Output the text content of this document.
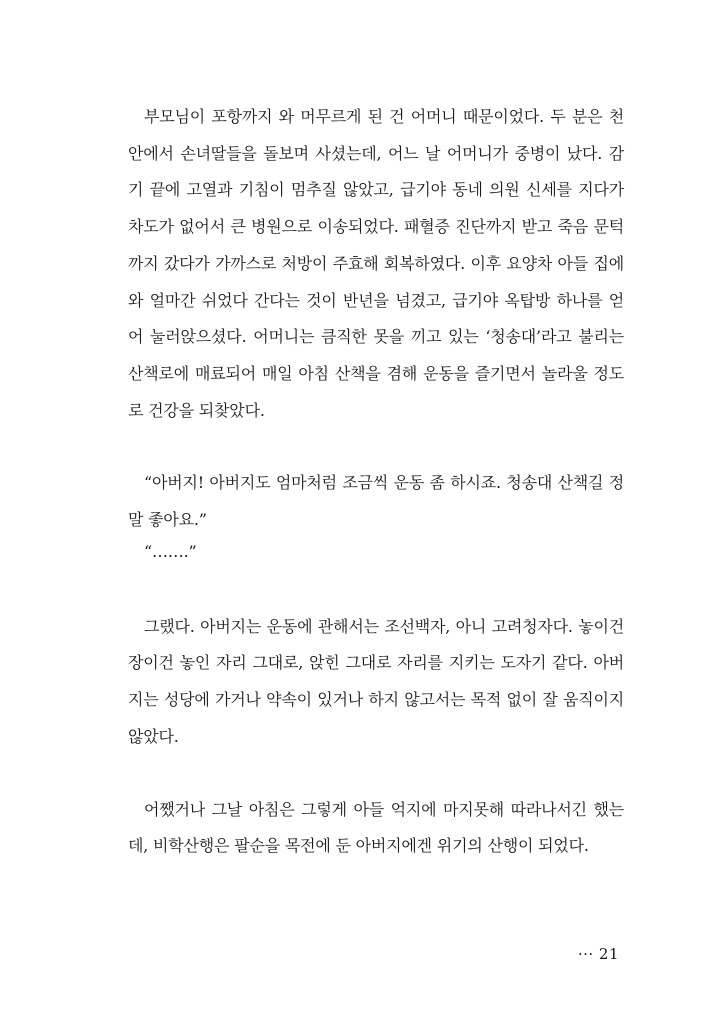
부모님이 포항까지 와 머무르게 된 건 어머니 때문이었다. 두 분은 천안에서 손녀딸들을 돌보며 사셨는데, 어느 날 어머니가 중병이 났다. 감기 끝에 고열과 기침이 멈추질 않았고, 급기야 동네 의원 신세를 지다가 차도가 없어서 큰 병원으로 이송되었다. 패혈증 진단까지 받고 죽음 문턱까지 갔다가 가까스로 처방이 주효해 회복하였다. 이후 요양차 아들 집에 와 얼마간 쉬었다 간다는 것이 반년을 넘겼고, 급기야 옥탑방 하나를 얻어 눌러앉으셨다. 어머니는 큼직한 못을 끼고 있는 ‘청송대’라고 불리는 산책로에 매료되어 매일 아침 산책을 겸해 운동을 즐기면서 놀라울 정도로 건강을 되찾았다.

“아버지! 아버지도 엄마처럼 조금씩 운동 좀 하시죠. 청송대 산책길 정말 좋아요.”

“…….”

그랬다. 아버지는 운동에 관해서는 조선백자, 아니 고려청자다. 놓이건 장이건 놓인 자리 그대로, 앉힌 그대로 자리를 지키는 도자기 같다. 아버지는 성당에 가거나 약속이 있거나 하지 않고서는 목적 없이 잘 움직이지 않았다.

어쨌거나 그날 아침은 그렇게 아들 억지에 마지못해 따라나서긴 했는데, 비학산행은 팔순을 목전에 둔 아버지에겐 위기의 산행이 되었다.

··· 21
